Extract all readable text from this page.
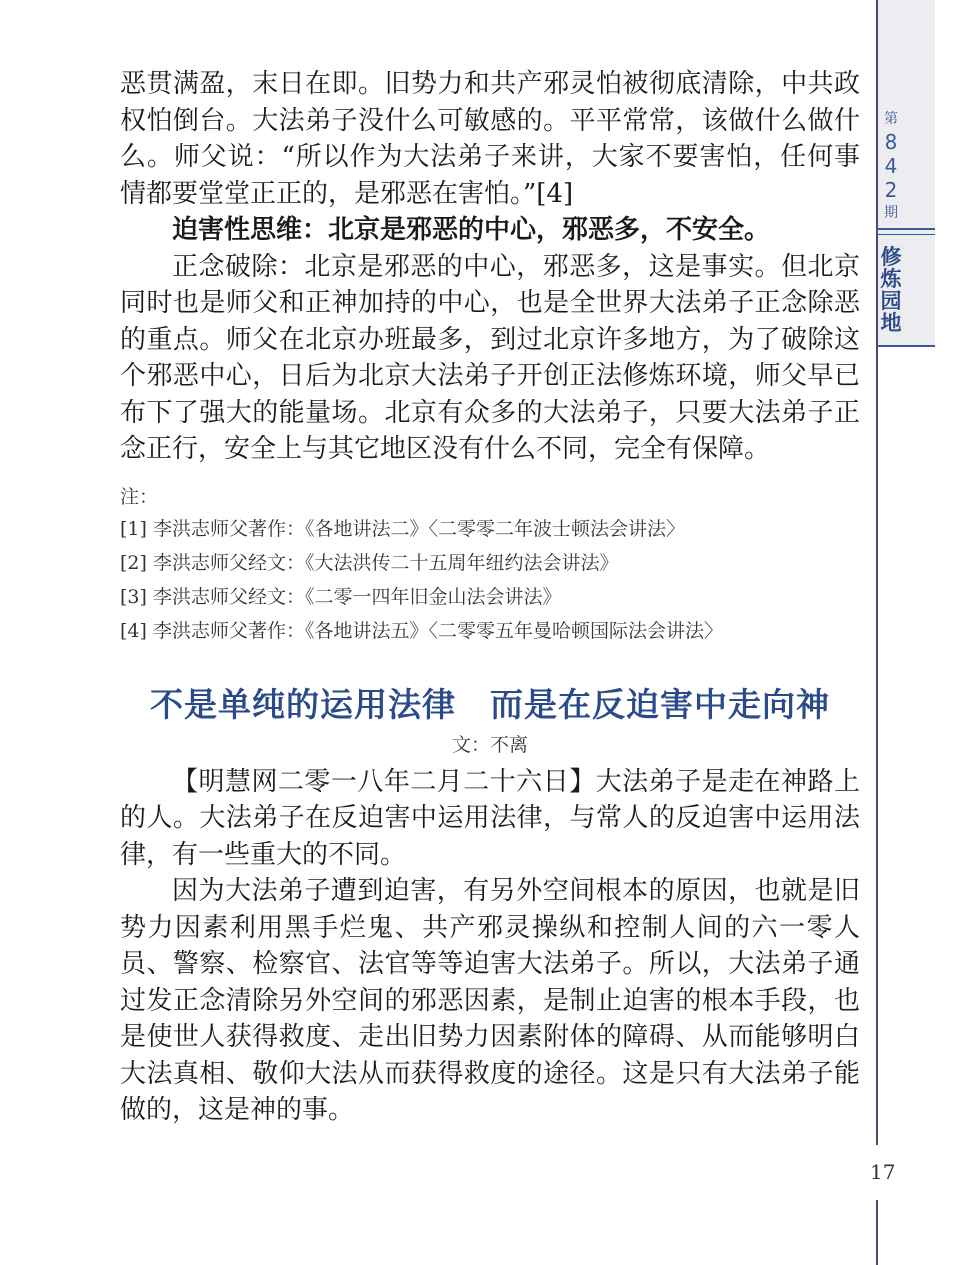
恶贯满盈，末日在即。旧势力和共产邪灵怕被彻底清除，中共政权怕倒台。大法弟子没什么可敏感的。平平常常，该做什么做什么。师父说：“所以作为大法弟子来讲，大家不要害怕，任何事情都要堂堂正正的，是邪恶在害怕。”[4]

迫害性思维：北京是邪恶的中心，邪恶多，不安全。

正念破除：北京是邪恶的中心，邪恶多，这是事实。但北京同时也是师父和正神加持的中心，也是全世界大法弟子正念除恶的重点。师父在北京办班最多，到过北京许多地方，为了破除这个邪恶中心，日后为北京大法弟子开创正法修炼环境，师父早已布下了强大的能量场。北京有众多的大法弟子，只要大法弟子正念正行，安全上与其它地区没有什么不同，完全有保障。

注：
[1] 李洪志师父著作：《各地讲法二》〈二零零二年波士顿法会讲法〉
[2] 李洪志师父经文：《大法洪传二十五周年纽约法会讲法》
[3] 李洪志师父经文：《二零一四年旧金山法会讲法》
[4] 李洪志师父著作：《各地讲法五》〈二零零五年曼哈顿国际法会讲法〉
不是单纯的运用法律　而是在反迫害中走向神
文：不离

【明慧网二零一八年二月二十六日】大法弟子是走在神路上的人。大法弟子在反迫害中运用法律，与常人的反迫害中运用法律，有一些重大的不同。

因为大法弟子遭到迫害，有另外空间根本的原因，也就是旧势力因素利用黑手烂鬼、共产邪灵操纵和控制人间的六一零人员、警察、检察官、法官等等迫害大法弟子。所以，大法弟子通过发正念清除另外空间的邪恶因素，是制止迫害的根本手段，也是使世人获得救度、走出旧势力因素附体的障碍、从而能够明白大法真相、敬仰大法从而获得救度的途径。这是只有大法弟子能做的，这是神的事。

第
8
4
2
期
修
炼
园
地
17
